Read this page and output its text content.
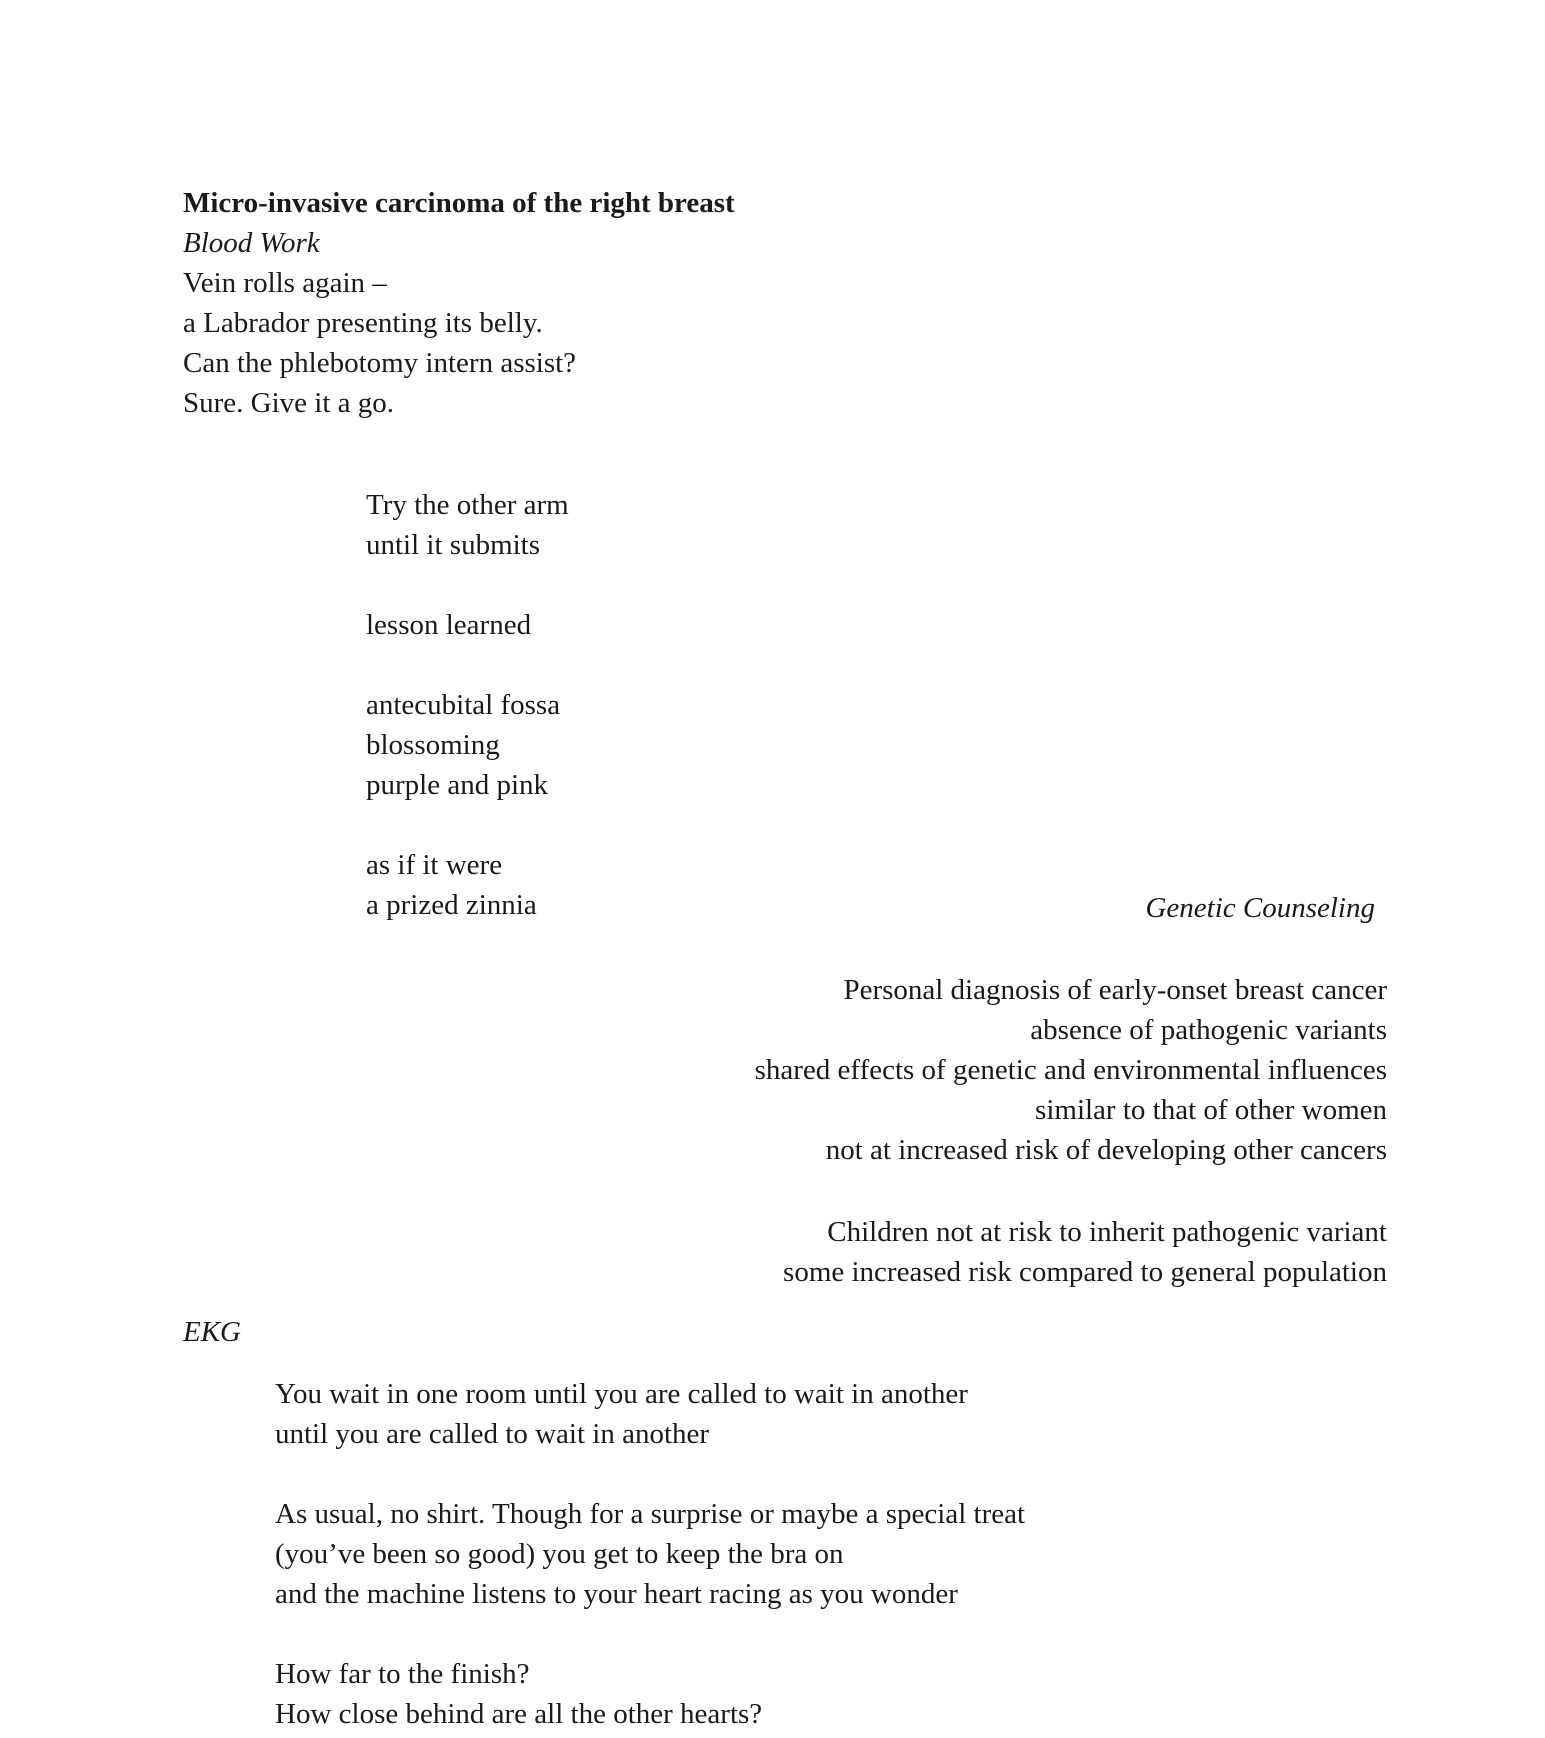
Micro-invasive carcinoma of the right breast

Blood Work

Vein rolls again –

a Labrador presenting its belly.

Can the phlebotomy intern assist?

Sure. Give it a go.

Try the other arm

until it submits

lesson learned

antecubital fossa

blossoming

purple and pink

as if it were

a prized zinnia	Genetic Counseling

Personal diagnosis of early-onset breast cancer

absence of pathogenic variants

shared effects of genetic and environmental influences

similar to that of other women

not at increased risk of developing other cancers

Children not at risk to inherit pathogenic variant

some increased risk compared to general population

EKG

You wait in one room until you are called to wait in another

until you are called to wait in another

As usual, no shirt. Though for a surprise or maybe a special treat

(you’ve been so good) you get to keep the bra on

and the machine listens to your heart racing as you wonder

How far to the finish?

How close behind are all the other hearts?
